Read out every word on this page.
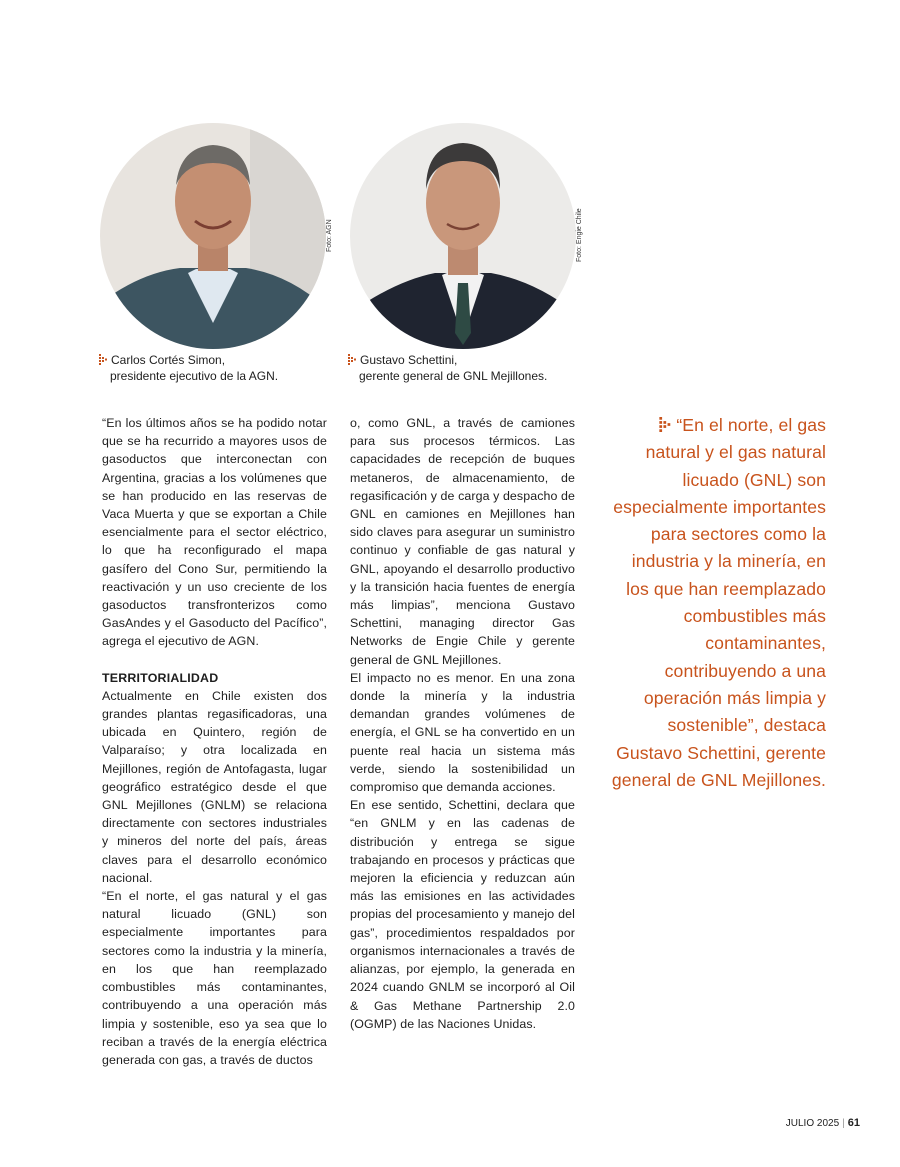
Foto: AGN	Foto: Engie Chile
Carlos Cortés Simon,
presidente ejecutivo de la AGN.
Gustavo Schettini,
gerente general de GNL Mejillones.

“En los últimos años se ha podido notar que se ha recurrido a mayores usos de gasoductos que interconectan con Argentina, gracias a los volúmenes que se han producido en las reservas de Vaca Muerta y que se exportan a Chile esencialmente para el sector eléctrico, lo que ha reconfigurado el mapa gasífero del Cono Sur, permitiendo la reactivación y un uso creciente de los gasoductos transfronterizos como GasAndes y el Gasoducto del Pacífico”, agrega el ejecutivo de AGN.

TERRITORIALIDAD

Actualmente en Chile existen dos grandes plantas regasificadoras, una ubicada en Quintero, región de Valparaíso; y otra localizada en Mejillones, región de Antofagasta, lugar geográfico estratégico desde el que GNL Mejillones (GNLM) se relaciona directamente con sectores industriales y mineros del norte del país, áreas claves para el desarrollo económico nacional.

“En el norte, el gas natural y el gas natural licuado (GNL) son especialmente importantes para sectores como la industria y la minería, en los que han reemplazado combustibles más contaminantes, contribuyendo a una operación más limpia y sostenible, eso ya sea que lo reciban a través de la energía eléctrica generada con gas, a través de ductos

o, como GNL, a través de camiones para sus procesos térmicos. Las capacidades de recepción de buques metaneros, de almacenamiento, de regasificación y de carga y despacho de GNL en camiones en Mejillones han sido claves para asegurar un suministro continuo y confiable de gas natural y GNL, apoyando el desarrollo productivo y la transición hacia fuentes de energía más limpias”, menciona Gustavo Schettini, managing director Gas Networks de Engie Chile y gerente general de GNL Mejillones.

El impacto no es menor. En una zona donde la minería y la industria demandan grandes volúmenes de energía, el GNL se ha convertido en un puente real hacia un sistema más verde, siendo la sostenibilidad un compromiso que demanda acciones.

En ese sentido, Schettini, declara que “en GNLM y en las cadenas de distribución y entrega se sigue trabajando en procesos y prácticas que mejoren la eficiencia y reduzcan aún más las emisiones en las actividades propias del procesamiento y manejo del gas”, procedimientos respaldados por organismos internacionales a través de alianzas, por ejemplo, la generada en 2024 cuando GNLM se incorporó al Oil & Gas Methane Partnership 2.0 (OGMP) de las Naciones Unidas.

“En el norte, el gas natural y el gas natural licuado (GNL) son especialmente importantes para sectores como la industria y la minería, en los que han reemplazado combustibles más contaminantes, contribuyendo a una operación más limpia y sostenible”, destaca Gustavo Schettini, gerente general de GNL Mejillones.
JULIO 2025 | 61
